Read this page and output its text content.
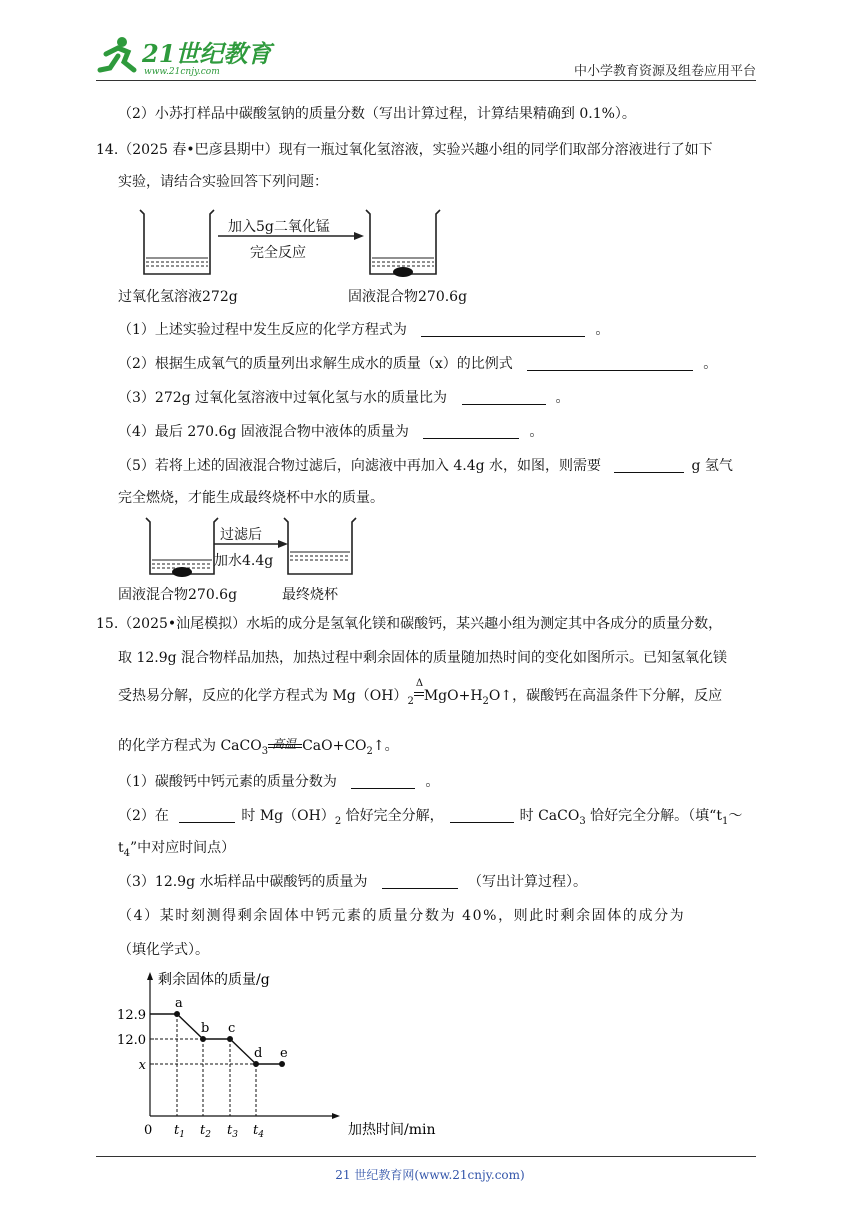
21世纪教育
www.21cnjy.com	中小学教育资源及组卷应用平台
（2）小苏打样品中碳酸氢钠的质量分数（写出计算过程，计算结果精确到 0.1%）。
14.（2025 春•巴彦县期中）现有一瓶过氧化氢溶液，实验兴趣小组的同学们取部分溶液进行了如下
实验，请结合实验回答下列问题：
加入5g二氧化锰
完全反应
过氧化氢溶液272g	固液混合物270.6g
（1）上述实验过程中发生反应的化学方程式为	。
（2）根据生成氧气的质量列出求解生成水的质量（x）的比例式	。
（3）272g 过氧化氢溶液中过氧化氢与水的质量比为	。
（4）最后 270.6g 固液混合物中液体的质量为	。
（5）若将上述的固液混合物过滤后，向滤液中再加入 4.4g 水，如图，则需要	g 氢气
完全燃烧，才能生成最终烧杯中水的质量。
过滤后
加水4.4g
固液混合物270.6g	最终烧杯
15.（2025•汕尾模拟）水垢的成分是氢氧化镁和碳酸钙，某兴趣小组为测定其中各成分的质量分数，
取 12.9g 混合物样品加热，加热过程中剩余固体的质量随加热时间的变化如图所示。已知氢氧化镁
受热易分解，反应的化学方程式为 $Mg(OH)_2$
Δ
$MgO+H_2O↑$，碳酸钙在高温条件下分解，反应
的化学方程式为 CaCO$_3$
高温 $CaO+CO_2↑$。
（1）碳酸钙中钙元素的质量分数为	。
（2）在	时 $Mg(OH)_2$ 恰好完全分解，	时 CaCO$_3$ 恰好完全分解。（填“$t_1\sim$
$t_4$”中对应时间点）
（3）12.9g 水垢样品中碳酸钙的质量为	（写出计算过程）。
（4）某时刻测得剩余固体中钙元素的质量分数为 40%，则此时剩余固体的成分为
（填化学式）。
剩余固体的质量/g
加热时间/min
0
12.9
12.0
x
$t_1$ $t_2$ $t_3$ $t_4$
a
b c
d e
21 世纪教育网(www.21cnjy.com)
